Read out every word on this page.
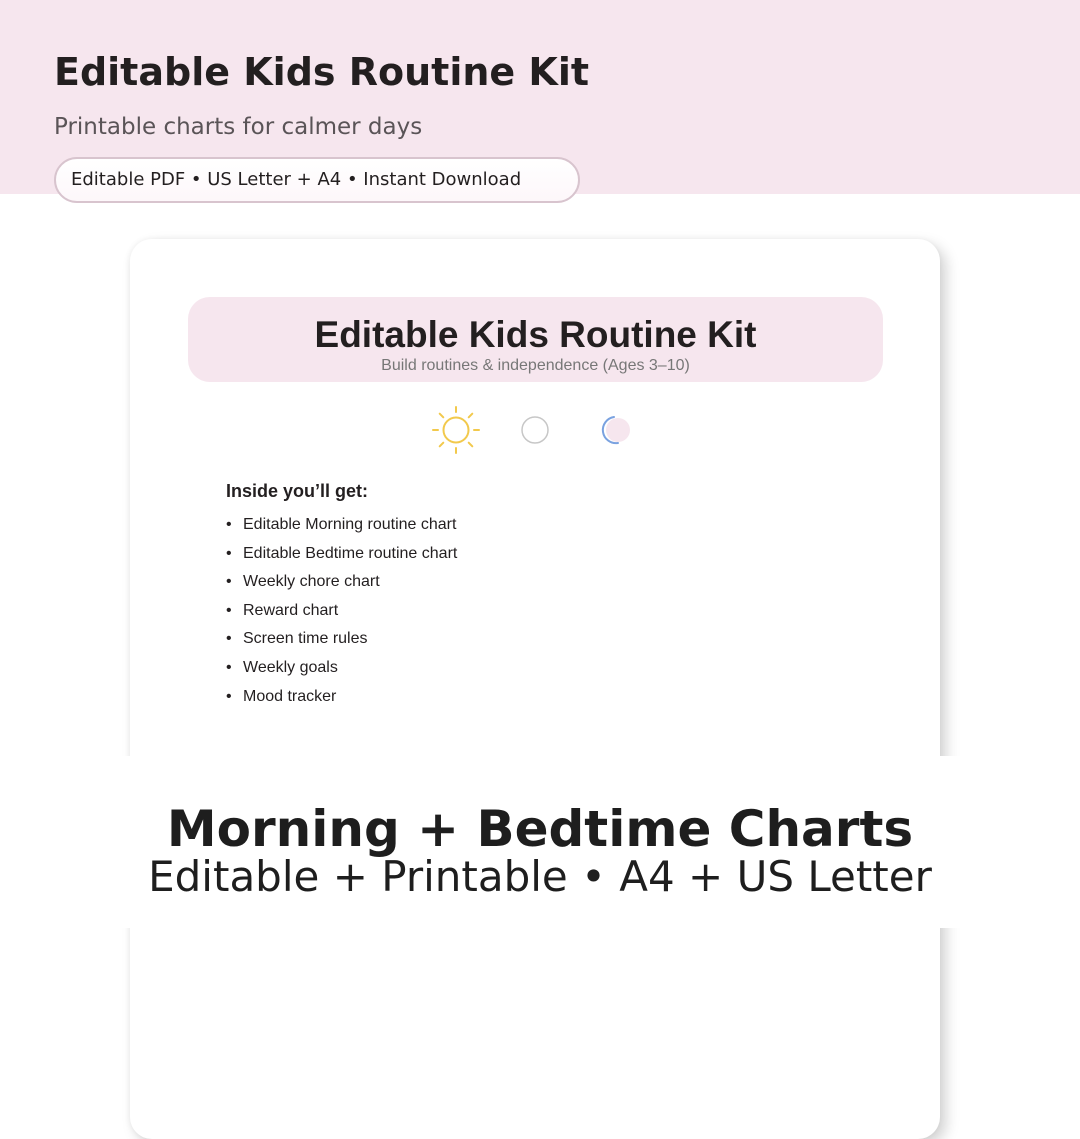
Editable Kids Routine Kit
Printable charts for calmer days
Editable PDF • US Letter + A4 • Instant Download
Editable Kids Routine Kit
Build routines & independence (Ages 3–10)
Inside you’ll get:
• Editable Morning routine chart
• Editable Bedtime routine chart
• Weekly chore chart
• Reward chart
• Screen time rules
• Weekly goals
• Mood tracker
Morning + Bedtime Charts
Editable + Printable • A4 + US Letter
